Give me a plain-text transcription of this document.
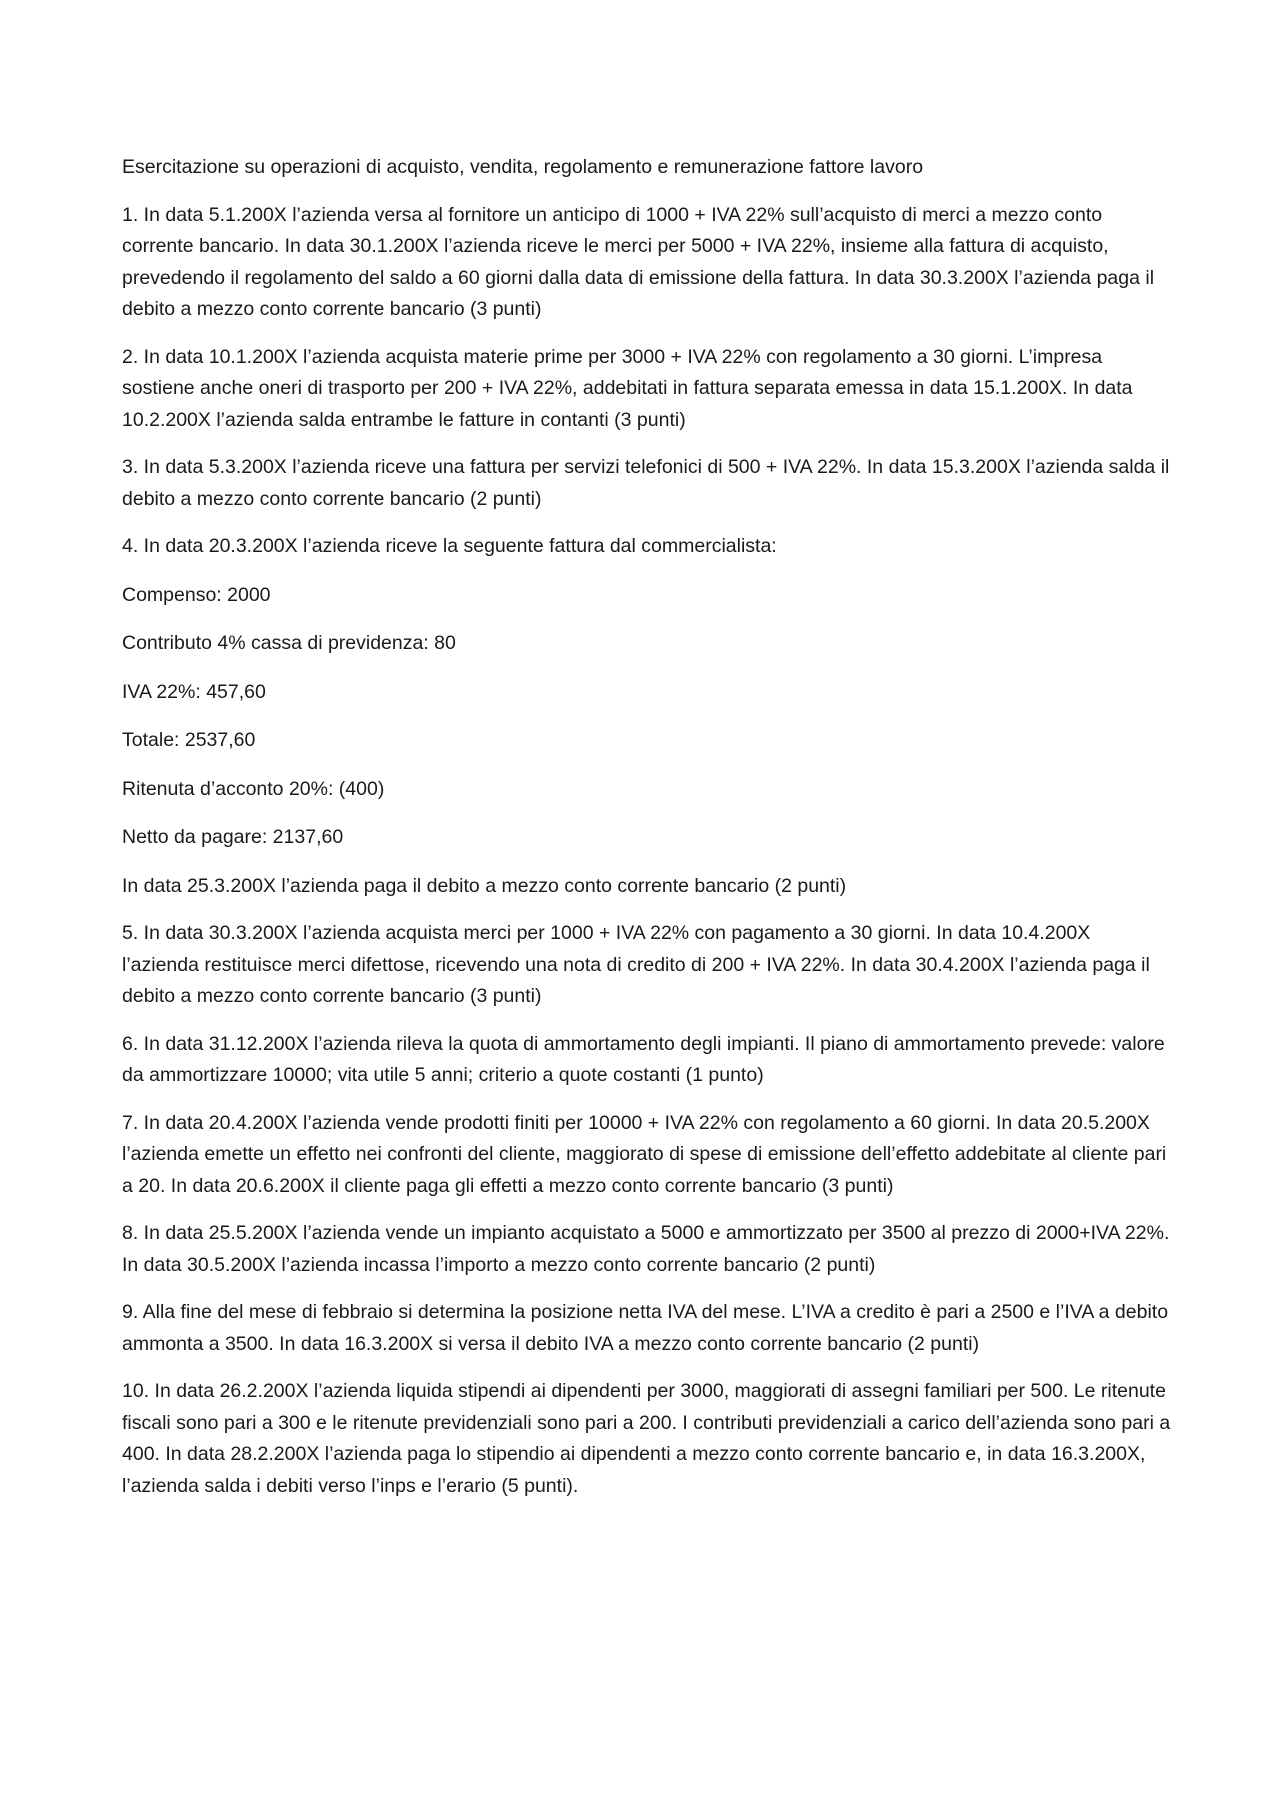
Esercitazione su operazioni di acquisto, vendita, regolamento e remunerazione fattore lavoro

1. In data 5.1.200X l’azienda versa al fornitore un anticipo di 1000 + IVA 22% sull’acquisto di merci a mezzo conto corrente bancario. In data 30.1.200X l’azienda riceve le merci per 5000 + IVA 22%, insieme alla fattura di acquisto, prevedendo il regolamento del saldo a 60 giorni dalla data di emissione della fattura. In data 30.3.200X l’azienda paga il debito a mezzo conto corrente bancario (3 punti)

2. In data 10.1.200X l’azienda acquista materie prime per 3000 + IVA 22% con regolamento a 30 giorni. L’impresa sostiene anche oneri di trasporto per 200 + IVA 22%, addebitati in fattura separata emessa in data 15.1.200X. In data 10.2.200X l’azienda salda entrambe le fatture in contanti (3 punti)

3. In data 5.3.200X l’azienda riceve una fattura per servizi telefonici di 500 + IVA 22%. In data 15.3.200X l’azienda salda il debito a mezzo conto corrente bancario (2 punti)

4. In data 20.3.200X l’azienda riceve la seguente fattura dal commercialista:

Compenso: 2000

Contributo 4% cassa di previdenza: 80

IVA 22%: 457,60

Totale: 2537,60

Ritenuta d’acconto 20%: (400)

Netto da pagare: 2137,60

In data 25.3.200X l’azienda paga il debito a mezzo conto corrente bancario (2 punti)

5. In data 30.3.200X l’azienda acquista merci per 1000 + IVA 22% con pagamento a 30 giorni. In data 10.4.200X l’azienda restituisce merci difettose, ricevendo una nota di credito di 200 + IVA 22%. In data 30.4.200X l’azienda paga il debito a mezzo conto corrente bancario (3 punti)

6. In data 31.12.200X l’azienda rileva la quota di ammortamento degli impianti. Il piano di ammortamento prevede: valore da ammortizzare 10000; vita utile 5 anni; criterio a quote costanti (1 punto)

7. In data 20.4.200X l’azienda vende prodotti finiti per 10000 + IVA 22% con regolamento a 60 giorni. In data 20.5.200X l’azienda emette un effetto nei confronti del cliente, maggiorato di spese di emissione dell’effetto addebitate al cliente pari a 20. In data 20.6.200X il cliente paga gli effetti a mezzo conto corrente bancario (3 punti)

8. In data 25.5.200X l’azienda vende un impianto acquistato a 5000 e ammortizzato per 3500 al prezzo di 2000+IVA 22%. In data 30.5.200X l’azienda incassa l’importo a mezzo conto corrente bancario (2 punti)

9. Alla fine del mese di febbraio si determina la posizione netta IVA del mese. L’IVA a credito è pari a 2500 e l’IVA a debito ammonta a 3500. In data 16.3.200X si versa il debito IVA a mezzo conto corrente bancario (2 punti)

10. In data 26.2.200X l’azienda liquida stipendi ai dipendenti per 3000, maggiorati di assegni familiari per 500. Le ritenute fiscali sono pari a 300 e le ritenute previdenziali sono pari a 200. I contributi previdenziali a carico dell’azienda sono pari a 400. In data 28.2.200X l’azienda paga lo stipendio ai dipendenti a mezzo conto corrente bancario e, in data 16.3.200X, l’azienda salda i debiti verso l’inps e l’erario (5 punti).
